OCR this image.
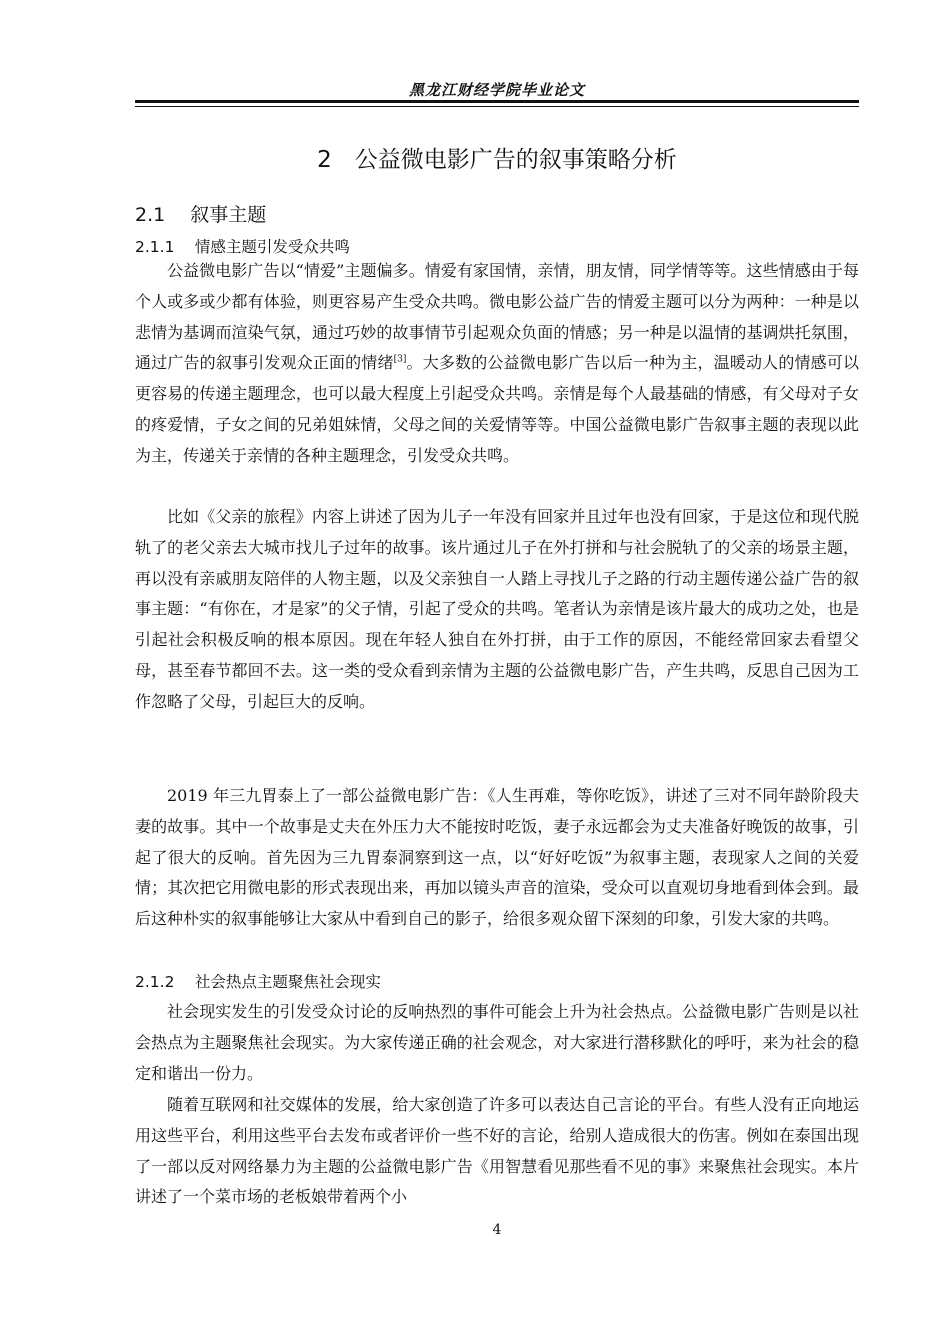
黑龙江财经学院毕业论文
2　公益微电影广告的叙事策略分析
2.1　 叙事主题
2.1.1　 情感主题引发受众共鸣

公益微电影广告以“情爱”主题偏多。情爱有家国情，亲情，朋友情，同学情等等。这些情感由于每个人或多或少都有体验，则更容易产生受众共鸣。微电影公益广告的情爱主题可以分为两种：一种是以悲情为基调而渲染气氛，通过巧妙的故事情节引起观众负面的情感；另一种是以温情的基调烘托氛围，通过广告的叙事引发观众正面的情绪[3]。大多数的公益微电影广告以后一种为主，温暖动人的情感可以更容易的传递主题理念，也可以最大程度上引起受众共鸣。亲情是每个人最基础的情感，有父母对子女的疼爱情，子女之间的兄弟姐妹情，父母之间的关爱情等等。中国公益微电影广告叙事主题的表现以此为主，传递关于亲情的各种主题理念，引发受众共鸣。

比如《父亲的旅程》内容上讲述了因为儿子一年没有回家并且过年也没有回家，于是这位和现代脱轨了的老父亲去大城市找儿子过年的故事。该片通过儿子在外打拼和与社会脱轨了的父亲的场景主题，再以没有亲戚朋友陪伴的人物主题，以及父亲独自一人踏上寻找儿子之路的行动主题传递公益广告的叙事主题：“有你在，才是家”的父子情，引起了受众的共鸣。笔者认为亲情是该片最大的成功之处，也是引起社会积极反响的根本原因。现在年轻人独自在外打拼，由于工作的原因，不能经常回家去看望父母，甚至春节都回不去。这一类的受众看到亲情为主题的公益微电影广告，产生共鸣，反思自己因为工作忽略了父母，引起巨大的反响。

2019 年三九胃泰上了一部公益微电影广告：《人生再难，等你吃饭》，讲述了三对不同年龄阶段夫妻的故事。其中一个故事是丈夫在外压力大不能按时吃饭，妻子永远都会为丈夫准备好晚饭的故事，引起了很大的反响。首先因为三九胃泰洞察到这一点，以“好好吃饭”为叙事主题，表现家人之间的关爱情；其次把它用微电影的形式表现出来，再加以镜头声音的渲染，受众可以直观切身地看到体会到。最后这种朴实的叙事能够让大家从中看到自己的影子，给很多观众留下深刻的印象，引发大家的共鸣。

2.1.2　 社会热点主题聚焦社会现实

社会现实发生的引发受众讨论的反响热烈的事件可能会上升为社会热点。公益微电影广告则是以社会热点为主题聚焦社会现实。为大家传递正确的社会观念，对大家进行潜移默化的呼吁，来为社会的稳定和谐出一份力。

随着互联网和社交媒体的发展，给大家创造了许多可以表达自己言论的平台。有些人没有正向地运用这些平台，利用这些平台去发布或者评价一些不好的言论，给别人造成很大的伤害。例如在泰国出现了一部以反对网络暴力为主题的公益微电影广告《用智慧看见那些看不见的事》来聚焦社会现实。本片讲述了一个菜市场的老板娘带着两个小

4
